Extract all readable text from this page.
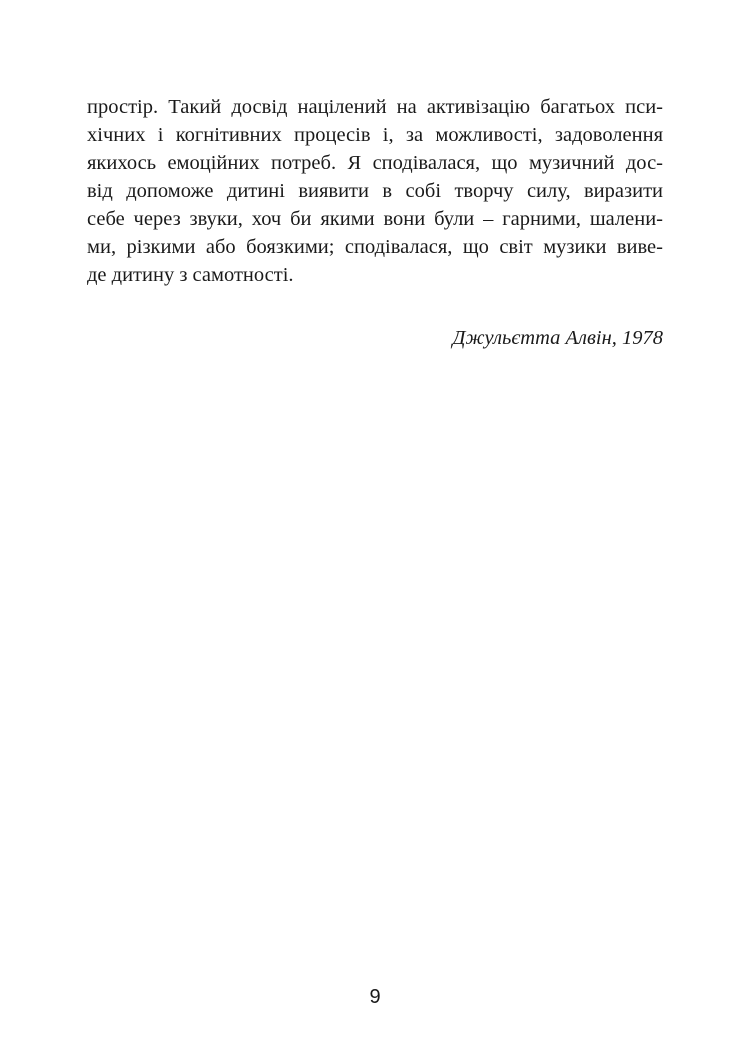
простір. Такий досвід націлений на активізацію багатьох пси-
хічних і когнітивних процесів і, за можливості, задоволення
якихось емоційних потреб. Я сподівалася, що музичний дос-
від допоможе дитині виявити в собі творчу силу, виразити
себе через звуки, хоч би якими вони були – гарними, шалени-
ми, різкими або боязкими; сподівалася, що світ музики виве-
де дитину з самотності.
Джульєтта Алвін, 1978
9
